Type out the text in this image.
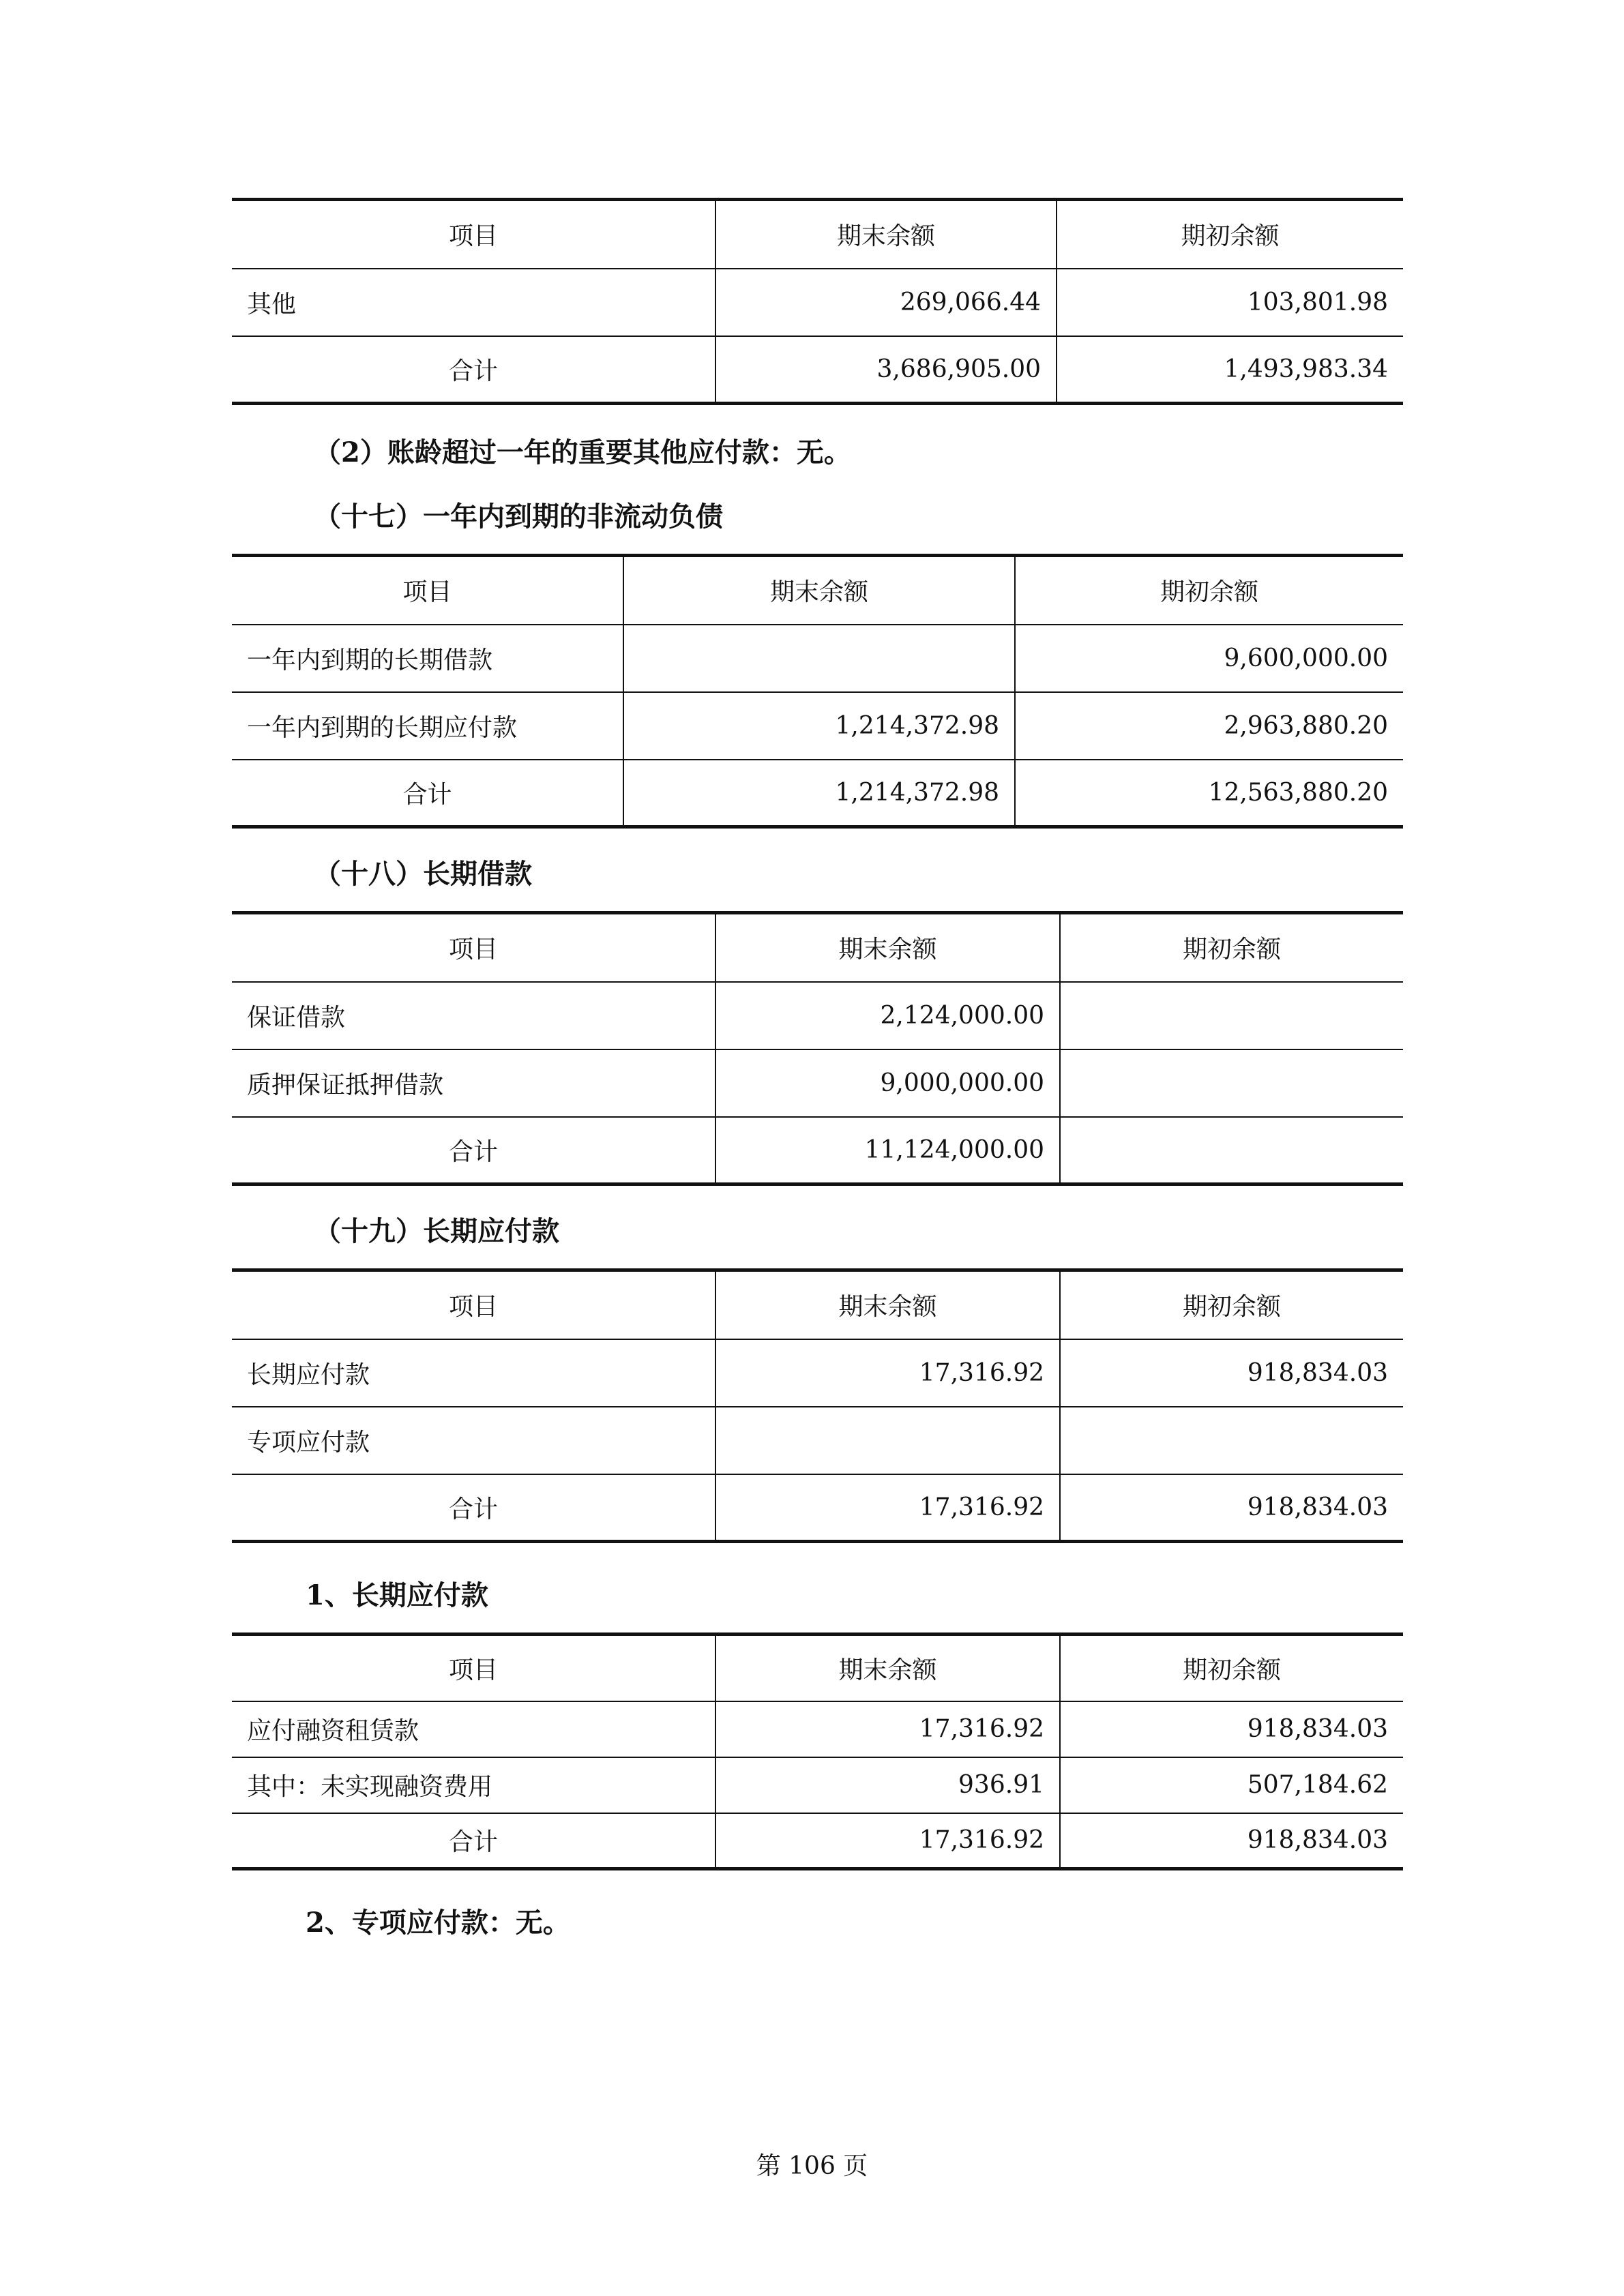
项目	期末余额	期初余额
其他	269,066.44	103,801.98
合计	3,686,905.00	1,493,983.34
（2）账龄超过一年的重要其他应付款：无。
（十七）一年内到期的非流动负债
项目	期末余额	期初余额
一年内到期的长期借款		9,600,000.00
一年内到期的长期应付款	1,214,372.98	2,963,880.20
合计	1,214,372.98	12,563,880.20
（十八）长期借款
项目	期末余额	期初余额
保证借款	2,124,000.00	
质押保证抵押借款	9,000,000.00	
合计	11,124,000.00	
（十九）长期应付款
项目	期末余额	期初余额
长期应付款	17,316.92	918,834.03
专项应付款		
合计	17,316.92	918,834.03
1、长期应付款
项目	期末余额	期初余额
应付融资租赁款	17,316.92	918,834.03
其中：未实现融资费用	936.91	507,184.62
合计	17,316.92	918,834.03
2、专项应付款：无。
第 106 页
